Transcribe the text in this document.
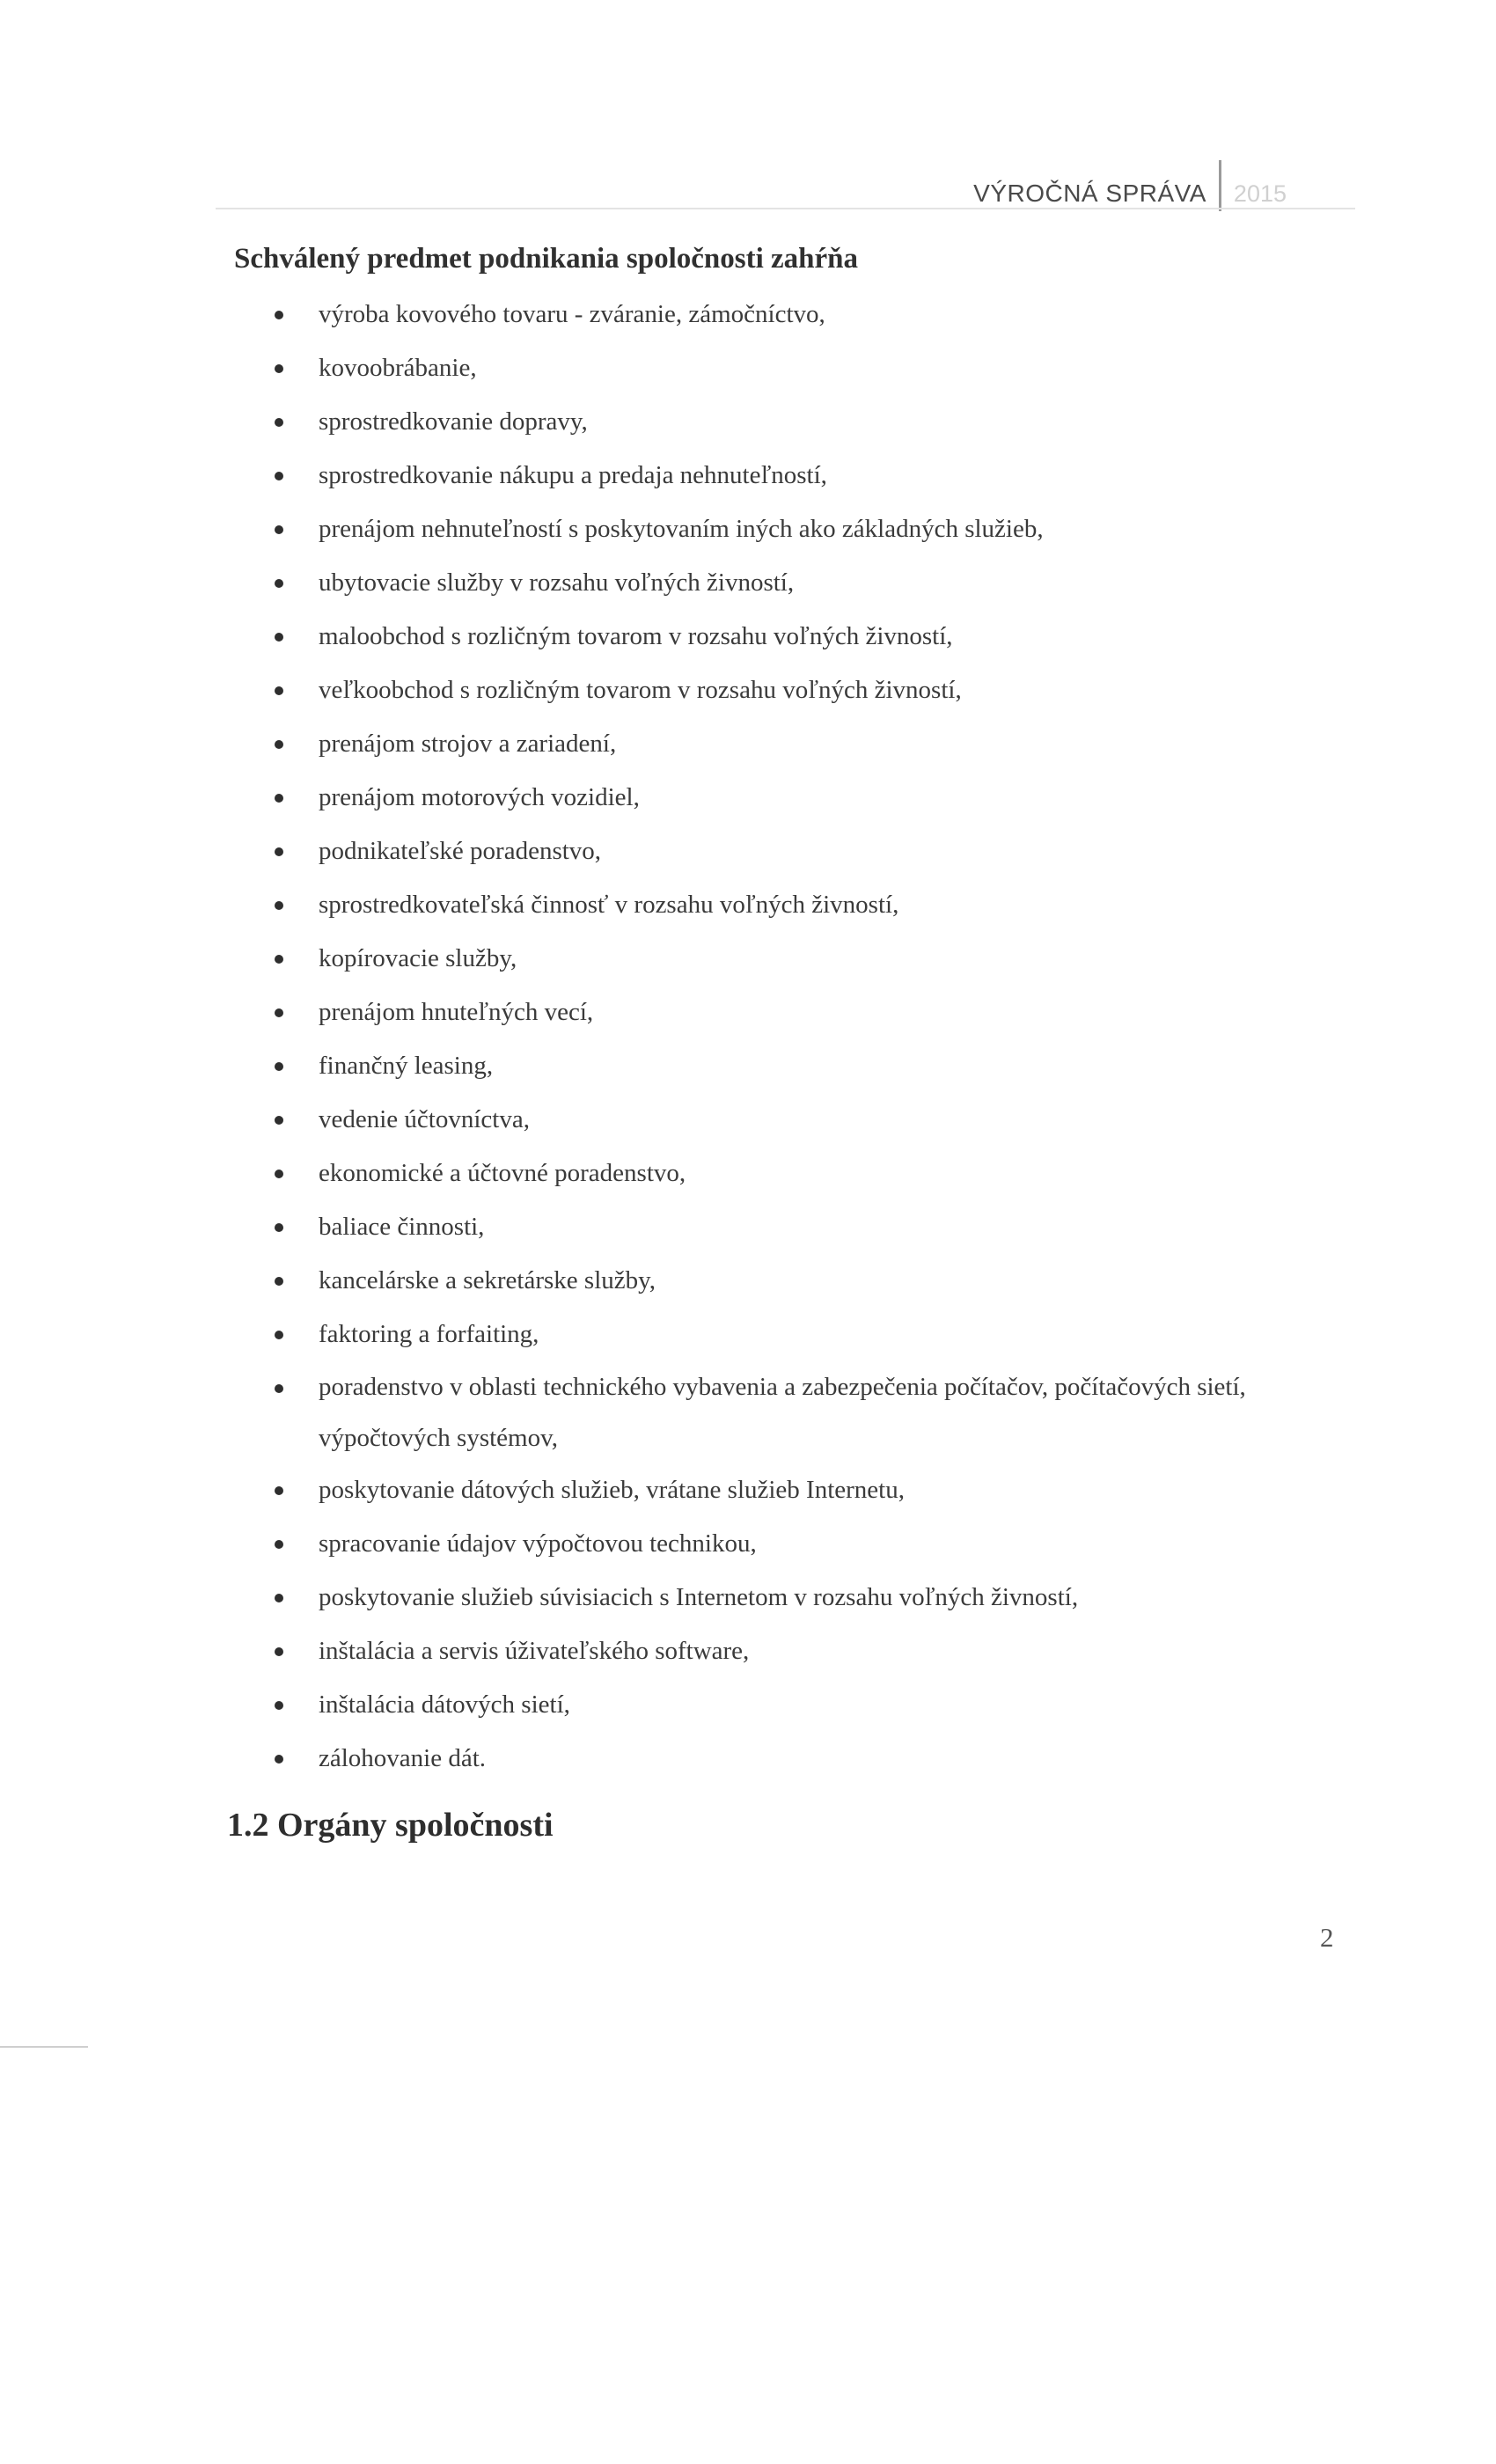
VÝROČNÁ SPRÁVA	2015
Schválený predmet podnikania spoločnosti zahŕňa
výroba kovového tovaru - zváranie, zámočníctvo,
kovoobrábanie,
sprostredkovanie dopravy,
sprostredkovanie nákupu a predaja nehnuteľností,
prenájom nehnuteľností s poskytovaním iných ako základných služieb,
ubytovacie služby v rozsahu voľných živností,
maloobchod s rozličným tovarom v rozsahu voľných živností,
veľkoobchod s rozličným tovarom v rozsahu voľných živností,
prenájom strojov a zariadení,
prenájom motorových vozidiel,
podnikateľské poradenstvo,
sprostredkovateľská činnosť v rozsahu voľných živností,
kopírovacie služby,
prenájom hnuteľných vecí,
finančný leasing,
vedenie účtovníctva,
ekonomické a účtovné poradenstvo,
baliace činnosti,
kancelárske a sekretárske služby,
faktoring a forfaiting,
poradenstvo v oblasti technického vybavenia a zabezpečenia počítačov, počítačových sietí, výpočtových systémov,
poskytovanie dátových služieb, vrátane služieb Internetu,
spracovanie údajov výpočtovou technikou,
poskytovanie služieb súvisiacich s Internetom v rozsahu voľných živností,
inštalácia a servis úživateľského software,
inštalácia dátových sietí,
zálohovanie dát.
1.2 Orgány spoločnosti
2
